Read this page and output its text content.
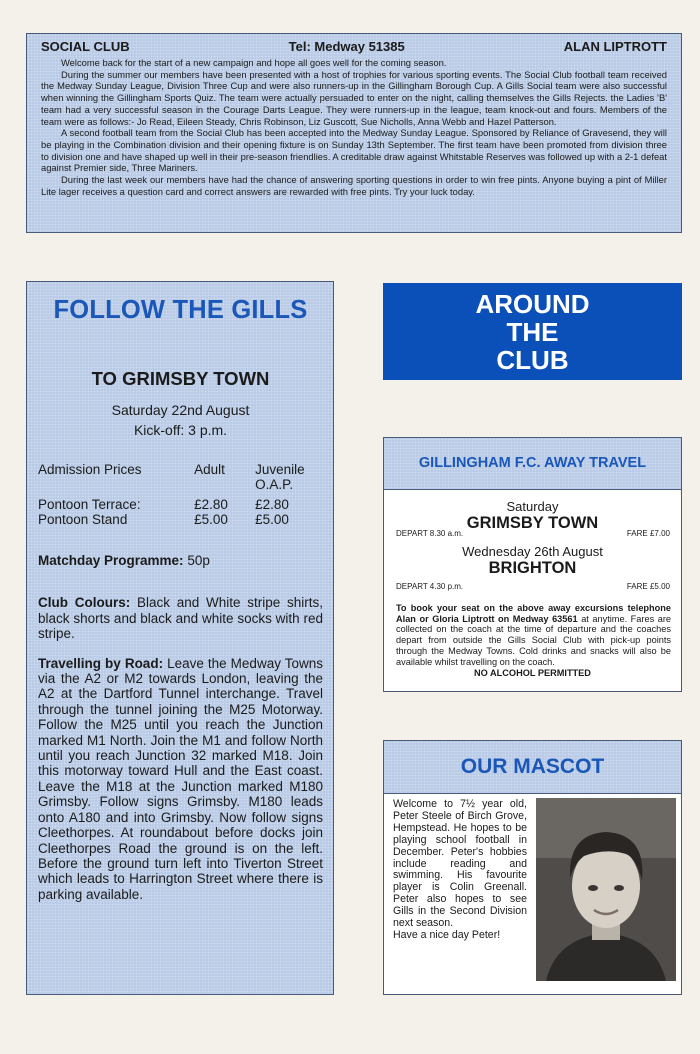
SOCIAL CLUB	Tel: Medway 51385	ALAN LIPTROTT

Welcome back for the start of a new campaign and hope all goes well for the coming season.

During the summer our members have been presented with a host of trophies for various sporting events. The Social Club football team received the Medway Sunday League, Division Three Cup and were also runners-up in the Gillingham Borough Cup. A Gills Social team were also successful when winning the Gillingham Sports Quiz. The team were actually persuaded to enter on the night, calling themselves the Gills Rejects. the Ladies 'B' team had a very successful season in the Courage Darts League. They were runners-up in the league, team knock-out and fours. Members of the team were as follows:- Jo Read, Eileen Steady, Chris Robinson, Liz Guscott, Sue Nicholls, Anna Webb and Hazel Patterson.

A second football team from the Social Club has been accepted into the Medway Sunday League. Sponsored by Reliance of Gravesend, they will be playing in the Combination division and their opening fixture is on Sunday 13th September. The first team have been promoted from division three to division one and have shaped up well in their pre-season friendlies. A creditable draw against Whitstable Reserves was followed up with a 2-1 defeat against Premier side, Three Mariners.

During the last week our members have had the chance of answering sporting questions in order to win free pints. Anyone buying a pint of Miller Lite lager receives a question card and correct answers are rewarded with free pints. Try your luck today.

FOLLOW THE GILLS
TO GRIMSBY TOWN
Saturday 22nd August
Kick-off: 3 p.m.
Admission Prices	Adult	Juvenile
O.A.P.
Pontoon Terrace:	£2.80	£2.80
Pontoon Stand	£5.00	£5.00
Matchday Programme: 50p
Club Colours: Black and White stripe shirts, black shorts and black and white socks with red stripe.
Travelling by Road: Leave the Medway Towns via the A2 or M2 towards London, leaving the A2 at the Dartford Tunnel interchange. Travel through the tunnel joining the M25 Motorway. Follow the M25 until you reach the Junction marked M1 North. Join the M1 and follow North until you reach Junction 32 marked M18. Join this motorway toward Hull and the East coast. Leave the M18 at the Junction marked M180 Grimsby. Follow signs Grimsby. M180 leads onto A180 and into Grimsby. Now follow signs Cleethorpes. At roundabout before docks join Cleethorpes Road the ground is on the left. Before the ground turn left into Tiverton Street which leads to Harrington Street where there is parking available.
AROUND
THE
CLUB
GILLINGHAM F.C. AWAY TRAVEL
Saturday
GRIMSBY TOWN
DEPART 8.30 a.m.	FARE £7.00
Wednesday 26th August
BRIGHTON
DEPART 4.30 p.m.	FARE £5.00
To book your seat on the above away excursions telephone Alan or Gloria Liptrott on Medway 63561 at anytime. Fares are collected on the coach at the time of departure and the coaches depart from outside the Gills Social Club with pick-up points through the Medway Towns. Cold drinks and snacks will also be available whilst travelling on the coach.
NO ALCOHOL PERMITTED
OUR MASCOT
Welcome to 7½ year old, Peter Steele of Birch Grove, Hempstead. He hopes to be playing school football in December. Peter's hobbies include reading and swimming. His favourite player is Colin Greenall. Peter also hopes to see Gills in the Second Division next season.
Have a nice day Peter!
